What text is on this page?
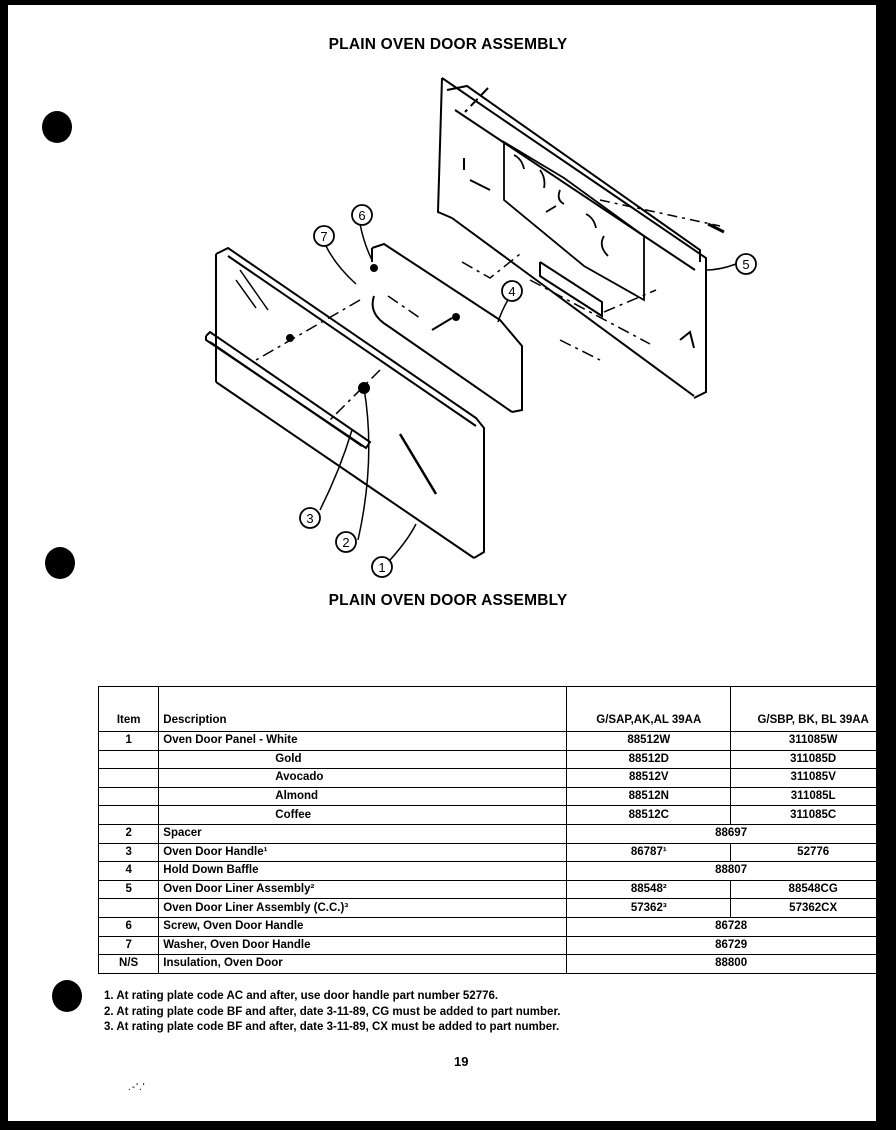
PLAIN OVEN DOOR ASSEMBLY
7
6
4
5
3
2
1
PLAIN OVEN DOOR ASSEMBLY
Item	Description	G/SAP,AK,AL 39AA	G/SBP, BK, BL 39AA
1	Oven Door Panel - White	88512W	311085W
	Gold	88512D	311085D
	Avocado	88512V	311085V
	Almond	88512N	311085L
	Coffee	88512C	311085C
2	Spacer	88697	
3	Oven Door Handle¹	86787¹	52776
4	Hold Down Baffle	88807	
5	Oven Door Liner Assembly²	88548²	88548CG
	Oven Door Liner Assembly (C.C.)³	57362³	57362CX
6	Screw, Oven Door Handle	86728	
7	Washer, Oven Door Handle	86729	
N/S	Insulation, Oven Door	88800	
1. At rating plate code AC and after, use door handle part number 52776.
2. At rating plate code BF and after, date 3-11-89, CG must be added to part number.
3. At rating plate code BF and after, date 3-11-89, CX must be added to part number.
19
.-'.'
